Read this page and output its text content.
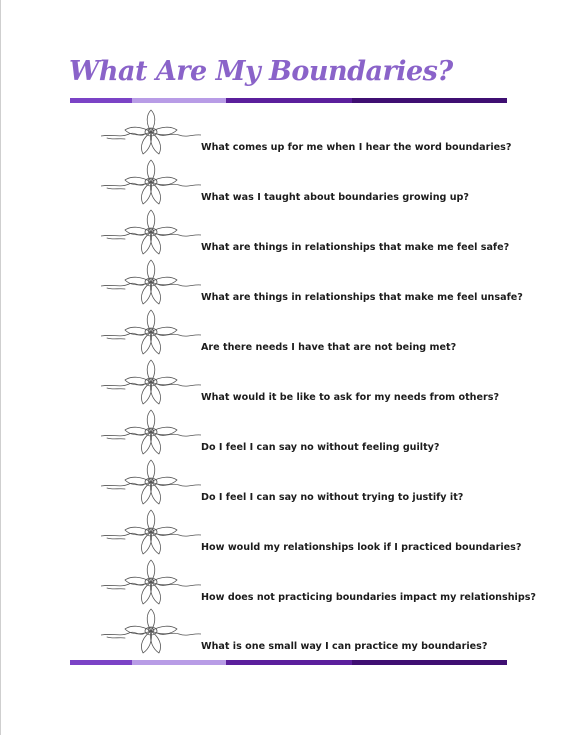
What Are My Boundaries?

What comes up for me when I hear the word boundaries?

What was I taught about boundaries growing up?

What are things in relationships that make me feel safe?

What are things in relationships that make me feel unsafe?

Are there needs I have that are not being met?

What would it be like to ask for my needs from others?

Do I feel I can say no without feeling guilty?

Do I feel I can say no without trying to justify it?

How would my relationships look if I practiced boundaries?

How does not practicing boundaries impact my relationships?

What is one small way I can practice my boundaries?
